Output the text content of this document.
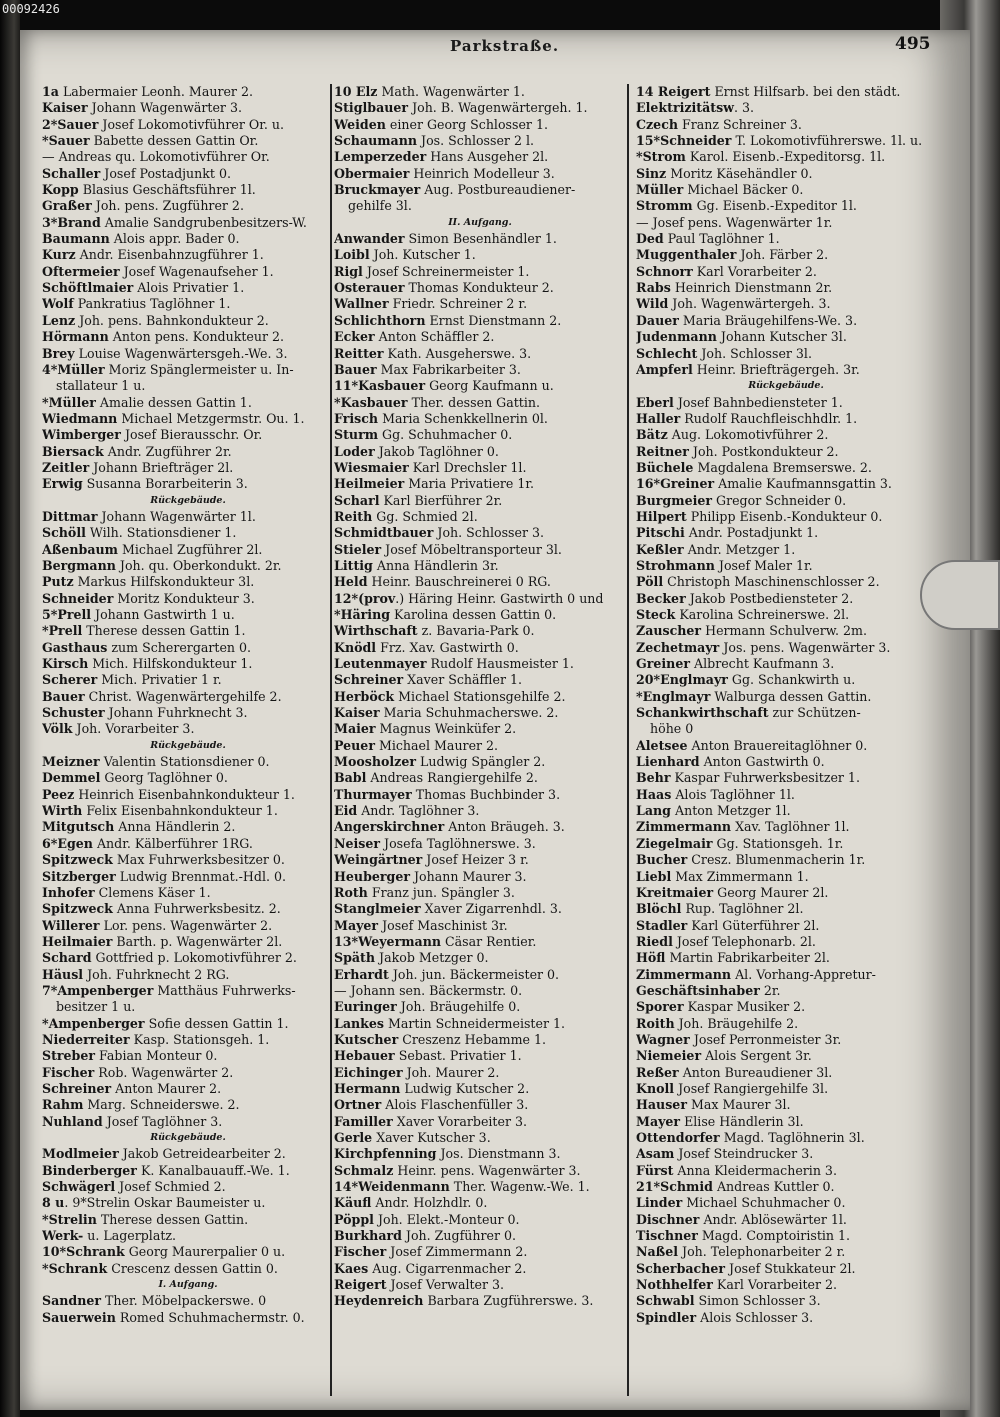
00092426
Parkstraße.	495
1a Labermaier Leonh. Maurer 2.
Kaiser Johann Wagenwärter 3.
2*Sauer Josef Lokomotivführer Or. u.
*Sauer Babette dessen Gattin Or.
— Andreas qu. Lokomotivführer Or.
Schaller Josef Postadjunkt 0.
Kopp Blasius Geschäftsführer 1l.
Graßer Joh. pens. Zugführer 2.
3*Brand Amalie Sandgrubenbesitzers-W.
Baumann Alois appr. Bader 0.
Kurz Andr. Eisenbahnzugführer 1.
Oftermeier Josef Wagenaufseher 1.
Schöftlmaier Alois Privatier 1.
Wolf Pankratius Taglöhner 1.
Lenz Joh. pens. Bahnkondukteur 2.
Hörmann Anton pens. Kondukteur 2.
Brey Louise Wagenwärtersgeh.-We. 3.
4*Müller Moriz Spänglermeister u. In-
stallateur 1 u.
*Müller Amalie dessen Gattin 1.
Wiedmann Michael Metzgermstr. Ou. 1.
Wimberger Josef Bierausschr. Or.
Biersack Andr. Zugführer 2r.
Zeitler Johann Briefträger 2l.
Erwig Susanna Borarbeiterin 3.
Rückgebäude.
Dittmar Johann Wagenwärter 1l.
Schöll Wilh. Stationsdiener 1.
Aßenbaum Michael Zugführer 2l.
Bergmann Joh. qu. Oberkondukt. 2r.
Putz Markus Hilfskondukteur 3l.
Schneider Moritz Kondukteur 3.
5*Prell Johann Gastwirth 1 u.
*Prell Therese dessen Gattin 1.
Gasthaus zum Scherergarten 0.
Kirsch Mich. Hilfskondukteur 1.
Scherer Mich. Privatier 1 r.
Bauer Christ. Wagenwärtergehilfe 2.
Schuster Johann Fuhrknecht 3.
Völk Joh. Vorarbeiter 3.
Rückgebäude.
Meizner Valentin Stationsdiener 0.
Demmel Georg Taglöhner 0.
Peez Heinrich Eisenbahnkondukteur 1.
Wirth Felix Eisenbahnkondukteur 1.
Mitgutsch Anna Händlerin 2.
6*Egen Andr. Kälberführer 1RG.
Spitzweck Max Fuhrwerksbesitzer 0.
Sitzberger Ludwig Brennmat.-Hdl. 0.
Inhofer Clemens Käser 1.
Spitzweck Anna Fuhrwerksbesitz. 2.
Willerer Lor. pens. Wagenwärter 2.
Heilmaier Barth. p. Wagenwärter 2l.
Schard Gottfried p. Lokomotivführer 2.
Häusl Joh. Fuhrknecht 2 RG.
7*Ampenberger Matthäus Fuhrwerks-
besitzer 1 u.
*Ampenberger Sofie dessen Gattin 1.
Niederreiter Kasp. Stationsgeh. 1.
Streber Fabian Monteur 0.
Fischer Rob. Wagenwärter 2.
Schreiner Anton Maurer 2.
Rahm Marg. Schneiderswe. 2.
Nuhland Josef Taglöhner 3.
Rückgebäude.
Modlmeier Jakob Getreidearbeiter 2.
Binderberger K. Kanalbauauff.-We. 1.
Schwägerl Josef Schmied 2.
8 u. 9*Strelin Oskar Baumeister u.
*Strelin Therese dessen Gattin.
Werk- u. Lagerplatz.
10*Schrank Georg Maurerpalier 0 u.
*Schrank Crescenz dessen Gattin 0.
I. Aufgang.
Sandner Ther. Möbelpackerswe. 0
Sauerwein Romed Schuhmachermstr. 0.
10 Elz Math. Wagenwärter 1.
Stiglbauer Joh. B. Wagenwärtergeh. 1.
Weiden einer Georg Schlosser 1.
Schaumann Jos. Schlosser 2 l.
Lemperzeder Hans Ausgeher 2l.
Obermaier Heinrich Modelleur 3.
Bruckmayer Aug. Postbureaudiener-
gehilfe 3l.
II. Aufgang.
Anwander Simon Besenhändler 1.
Loibl Joh. Kutscher 1.
Rigl Josef Schreinermeister 1.
Osterauer Thomas Kondukteur 2.
Wallner Friedr. Schreiner 2 r.
Schlichthorn Ernst Dienstmann 2.
Ecker Anton Schäffler 2.
Reitter Kath. Ausgeherswe. 3.
Bauer Max Fabrikarbeiter 3.
11*Kasbauer Georg Kaufmann u.
*Kasbauer Ther. dessen Gattin.
Frisch Maria Schenkkellnerin 0l.
Sturm Gg. Schuhmacher 0.
Loder Jakob Taglöhner 0.
Wiesmaier Karl Drechsler 1l.
Heilmeier Maria Privatiere 1r.
Scharl Karl Bierführer 2r.
Reith Gg. Schmied 2l.
Schmidtbauer Joh. Schlosser 3.
Stieler Josef Möbeltransporteur 3l.
Littig Anna Händlerin 3r.
Held Heinr. Bauschreinerei 0 RG.
12*(prov.) Häring Heinr. Gastwirth 0 und
*Häring Karolina dessen Gattin 0.
Wirthschaft z. Bavaria-Park 0.
Knödl Frz. Xav. Gastwirth 0.
Leutenmayer Rudolf Hausmeister 1.
Schreiner Xaver Schäffler 1.
Herböck Michael Stationsgehilfe 2.
Kaiser Maria Schuhmacherswe. 2.
Maier Magnus Weinküfer 2.
Peuer Michael Maurer 2.
Moosholzer Ludwig Spängler 2.
Babl Andreas Rangiergehilfe 2.
Thurmayer Thomas Buchbinder 3.
Eid Andr. Taglöhner 3.
Angerskirchner Anton Bräugeh. 3.
Neiser Josefa Taglöhnerswe. 3.
Weingärtner Josef Heizer 3 r.
Heuberger Johann Maurer 3.
Roth Franz jun. Spängler 3.
Stanglmeier Xaver Zigarrenhdl. 3.
Mayer Josef Maschinist 3r.
13*Weyermann Cäsar Rentier.
Späth Jakob Metzger 0.
Erhardt Joh. jun. Bäckermeister 0.
— Johann sen. Bäckermstr. 0.
Euringer Joh. Bräugehilfe 0.
Lankes Martin Schneidermeister 1.
Kutscher Creszenz Hebamme 1.
Hebauer Sebast. Privatier 1.
Eichinger Joh. Maurer 2.
Hermann Ludwig Kutscher 2.
Ortner Alois Flaschenfüller 3.
Familler Xaver Vorarbeiter 3.
Gerle Xaver Kutscher 3.
Kirchpfenning Jos. Dienstmann 3.
Schmalz Heinr. pens. Wagenwärter 3.
14*Weidenmann Ther. Wagenw.-We. 1.
Käufl Andr. Holzhdlr. 0.
Pöppl Joh. Elekt.-Monteur 0.
Burkhard Joh. Zugführer 0.
Fischer Josef Zimmermann 2.
Kaes Aug. Cigarrenmacher 2.
Reigert Josef Verwalter 3.
Heydenreich Barbara Zugführerswe. 3.
14 Reigert Ernst Hilfsarb. bei den städt.
Elektrizitätsw. 3.
Czech Franz Schreiner 3.
15*Schneider T. Lokomotivführerswe. 1l. u.
*Strom Karol. Eisenb.-Expeditorsg. 1l.
Sinz Moritz Käsehändler 0.
Müller Michael Bäcker 0.
Stromm Gg. Eisenb.-Expeditor 1l.
— Josef pens. Wagenwärter 1r.
Ded Paul Taglöhner 1.
Muggenthaler Joh. Färber 2.
Schnorr Karl Vorarbeiter 2.
Rabs Heinrich Dienstmann 2r.
Wild Joh. Wagenwärtergeh. 3.
Dauer Maria Bräugehilfens-We. 3.
Judenmann Johann Kutscher 3l.
Schlecht Joh. Schlosser 3l.
Ampferl Heinr. Briefträgergeh. 3r.
Rückgebäude.
Eberl Josef Bahnbediensteter 1.
Haller Rudolf Rauchfleischhdlr. 1.
Bätz Aug. Lokomotivführer 2.
Reitner Joh. Postkondukteur 2.
Büchele Magdalena Bremserswe. 2.
16*Greiner Amalie Kaufmannsgattin 3.
Burgmeier Gregor Schneider 0.
Hilpert Philipp Eisenb.-Kondukteur 0.
Pitschi Andr. Postadjunkt 1.
Keßler Andr. Metzger 1.
Strohmann Josef Maler 1r.
Pöll Christoph Maschinenschlosser 2.
Becker Jakob Postbediensteter 2.
Steck Karolina Schreinerswe. 2l.
Zauscher Hermann Schulverw. 2m.
Zechetmayr Jos. pens. Wagenwärter 3.
Greiner Albrecht Kaufmann 3.
20*Englmayr Gg. Schankwirth u.
*Englmayr Walburga dessen Gattin.
Schankwirthschaft zur Schützen-
höhe 0
Aletsee Anton Brauereitaglöhner 0.
Lienhard Anton Gastwirth 0.
Behr Kaspar Fuhrwerksbesitzer 1.
Haas Alois Taglöhner 1l.
Lang Anton Metzger 1l.
Zimmermann Xav. Taglöhner 1l.
Ziegelmair Gg. Stationsgeh. 1r.
Bucher Cresz. Blumenmacherin 1r.
Liebl Max Zimmermann 1.
Kreitmaier Georg Maurer 2l.
Blöchl Rup. Taglöhner 2l.
Stadler Karl Güterführer 2l.
Riedl Josef Telephonarb. 2l.
Höfl Martin Fabrikarbeiter 2l.
Zimmermann Al. Vorhang-Appretur-
Geschäftsinhaber 2r.
Sporer Kaspar Musiker 2.
Roith Joh. Bräugehilfe 2.
Wagner Josef Perronmeister 3r.
Niemeier Alois Sergent 3r.
Reßer Anton Bureaudiener 3l.
Knoll Josef Rangiergehilfe 3l.
Hauser Max Maurer 3l.
Mayer Elise Händlerin 3l.
Ottendorfer Magd. Taglöhnerin 3l.
Asam Josef Steindrucker 3.
Fürst Anna Kleidermacherin 3.
21*Schmid Andreas Kuttler 0.
Linder Michael Schuhmacher 0.
Dischner Andr. Ablösewärter 1l.
Tischner Magd. Comptoiristin 1.
Naßel Joh. Telephonarbeiter 2 r.
Scherbacher Josef Stukkateur 2l.
Nothhelfer Karl Vorarbeiter 2.
Schwabl Simon Schlosser 3.
Spindler Alois Schlosser 3.
